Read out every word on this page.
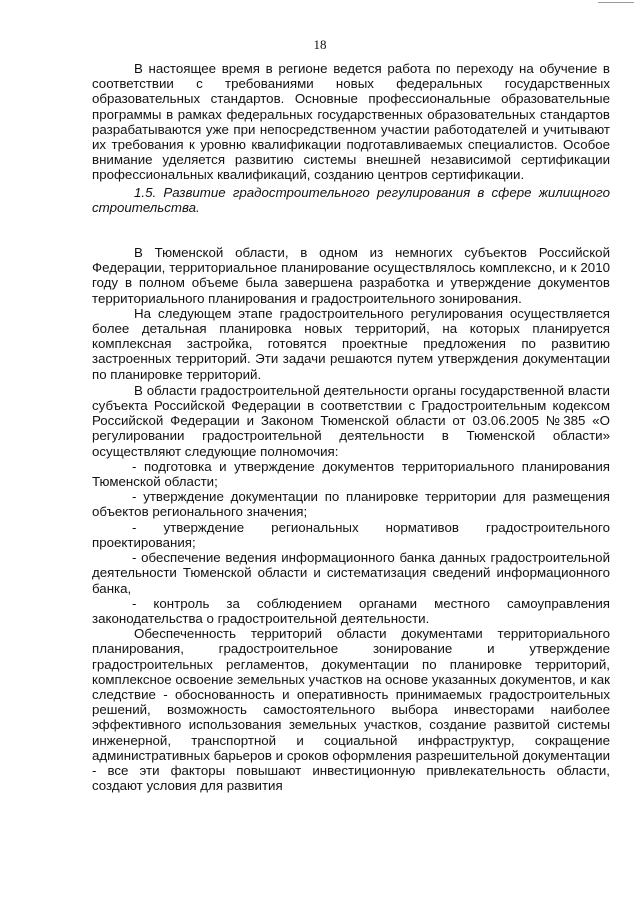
18

В настоящее время в регионе ведется работа по переходу на обучение в соответствии с требованиями новых федеральных государственных образовательных стандартов. Основные профессиональные образовательные программы в рамках федеральных государственных образовательных стандартов разрабатываются уже при непосредственном участии работодателей и учитывают их требования к уровню квалификации подготавливаемых специалистов. Особое внимание уделяется развитию системы внешней независимой сертификации профессиональных квалификаций, созданию центров сертификации.

1.5. Развитие градостроительного регулирования в сфере жилищного строительства.

В Тюменской области, в одном из немногих субъектов Российской Федерации, территориальное планирование осуществлялось комплексно, и к 2010 году в полном объеме была завершена разработка и утверждение документов территориального планирования и градостроительного зонирования.

На следующем этапе градостроительного регулирования осуществляется более детальная планировка новых территорий, на которых планируется комплексная застройка, готовятся проектные предложения по развитию застроенных территорий. Эти задачи решаются путем утверждения документации по планировке территорий.

В области градостроительной деятельности органы государственной власти субъекта Российской Федерации в соответствии с Градостроительным кодексом Российской Федерации и Законом Тюменской области от 03.06.2005 №385 «О регулировании градостроительной деятельности в Тюменской области» осуществляют следующие полномочия:

- подготовка и утверждение документов территориального планирования Тюменской области;

- утверждение документации по планировке территории для размещения объектов регионального значения;

- утверждение региональных нормативов градостроительного проектирования;

- обеспечение ведения информационного банка данных градостроительной деятельности Тюменской области и систематизация сведений информационного банка,

- контроль за соблюдением органами местного самоуправления законодательства о градостроительной деятельности.

Обеспеченность территорий области документами территориального планирования, градостроительное зонирование и утверждение градостроительных регламентов, документации по планировке территорий, комплексное освоение земельных участков на основе указанных документов, и как следствие - обоснованность и оперативность принимаемых градостроительных решений, возможность самостоятельного выбора инвесторами наиболее эффективного использования земельных участков, создание развитой системы инженерной, транспортной и социальной инфраструктур, сокращение административных барьеров и сроков оформления разрешительной документации - все эти факторы повышают инвестиционную привлекательность области, создают условия для развития
